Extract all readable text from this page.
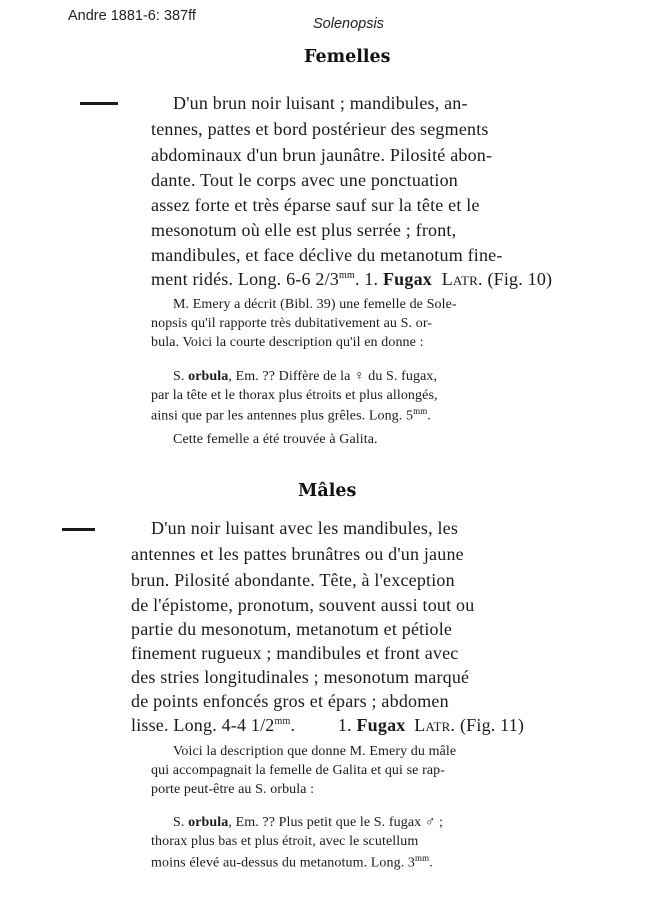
Andre 1881-6: 387ff	Solenopsis
Femelles
D'un brun noir luisant ; mandibules, an-
tennes, pattes et bord postérieur des segments
abdominaux d'un brun jaunâtre. Pilosité abon-
dante. Tout le corps avec une ponctuation
assez forte et très éparse sauf sur la tête et le
mesonotum où elle est plus serrée ; front,
mandibules, et face déclive du metanotum fine-
ment ridés. Long. 6-6 $2/3^{mm}$. 1. Fugax Latr. (Fig. 10)
M. Emery a décrit (Bibl. 39) une femelle de Sole-
nopsis qu'il rapporte très dubitativement au S. or-
bula. Voici la courte description qu'il en donne :
S. orbula, Em. ?? Diffère de la ♀ du S. fugax,
par la tête et le thorax plus étroits et plus allongés,
ainsi que par les antennes plus grêles. Long. $5^{mm}$.
Cette femelle a été trouvée à Galita.
Mâles
D'un noir luisant avec les mandibules, les
antennes et les pattes brunâtres ou d'un jaune
brun. Pilosité abondante. Tête, à l'exception
de l'épistome, pronotum, souvent aussi tout ou
partie du mesonotum, metanotum et pétiole
finement rugueux ; mandibules et front avec
des stries longitudinales ; mesonotum marqué
de points enfoncés gros et épars ; abdomen
lisse. Long. 4-4 $1/2^{mm}$. 1. Fugax Latr. (Fig. 11)
Voici la description que donne M. Emery du mâle
qui accompagnait la femelle de Galita et qui se rap-
porte peut-être au S. orbula :
S. orbula, Em. ?? Plus petit que le S. fugax ♂ ;
thorax plus bas et plus étroit, avec le scutellum
moins élevé au-dessus du metanotum. Long. $3^{mm}$.
